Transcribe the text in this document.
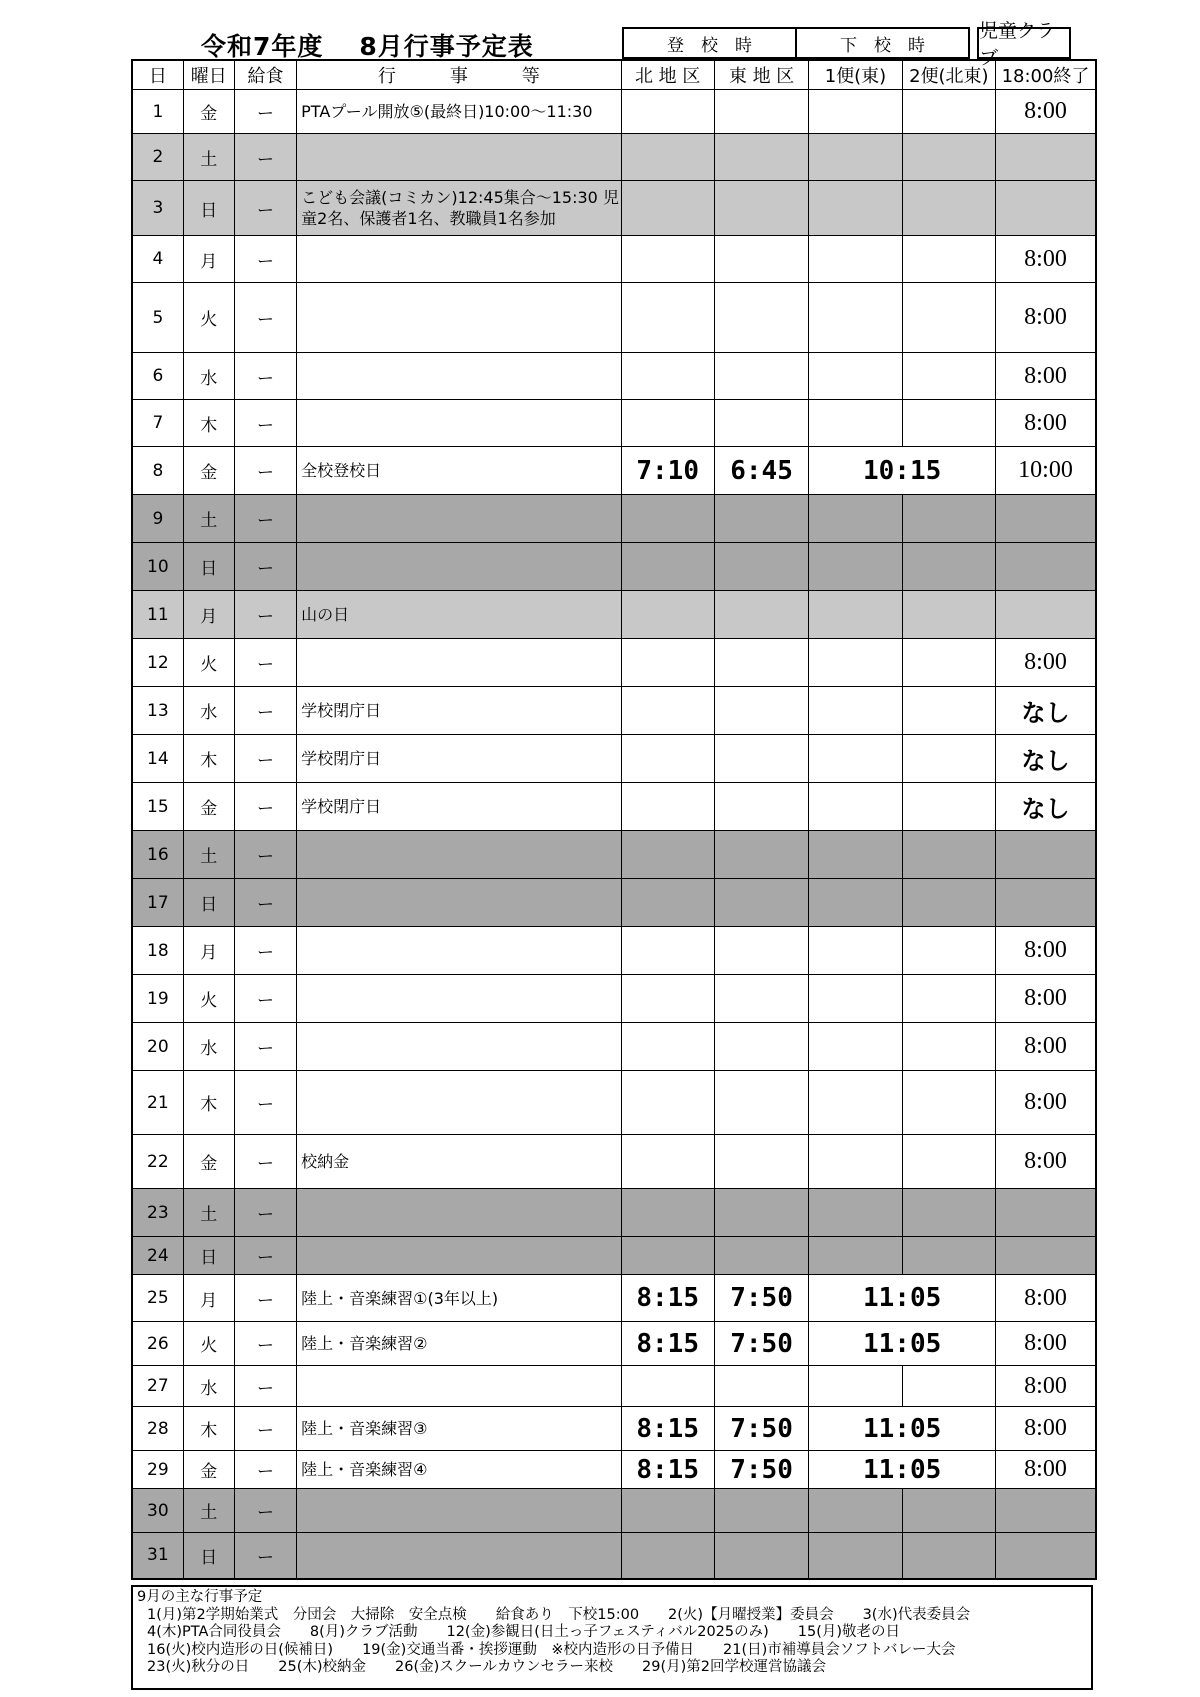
令和7年度 8月行事予定表	登　校　時	下　校　時
児童クラブ
日	曜日	給食	行　　　事　　　等	北 地 区	東 地 区	1便(東)	2便(北東)	18:00終了
1	金	ー	PTAプール開放⑤(最終日)10:00～11:30					8:00
2	土	ー						
3	日	ー	こども会議(コミカン)12:45集合～15:30 児童2名、保護者1名、教職員1名参加					
4	月	ー						8:00
5	火	ー						8:00
6	水	ー						8:00
7	木	ー						8:00
8	金	ー	全校登校日	7:10	6:45	10:15		10:00
9	土	ー						
10	日	ー						
11	月	ー	山の日					
12	火	ー						8:00
13	水	ー	学校閉庁日					なし
14	木	ー	学校閉庁日					なし
15	金	ー	学校閉庁日					なし
16	土	ー						
17	日	ー						
18	月	ー						8:00
19	火	ー						8:00
20	水	ー						8:00
21	木	ー						8:00
22	金	ー	校納金					8:00
23	土	ー						
24	日	ー						
25	月	ー	陸上・音楽練習①(3年以上)	8:15	7:50	11:05		8:00
26	火	ー	陸上・音楽練習②	8:15	7:50	11:05		8:00
27	水	ー						8:00
28	木	ー	陸上・音楽練習③	8:15	7:50	11:05		8:00
29	金	ー	陸上・音楽練習④	8:15	7:50	11:05		8:00
30	土	ー						
31	日	ー						
9月の主な行事予定
1(月)第2学期始業式　分団会　大掃除　安全点検　　給食あり　下校15:00　　2(火)【月曜授業】委員会　　3(水)代表委員会
4(木)PTA合同役員会　　8(月)クラブ活動　　12(金)参観日(日土っ子フェスティバル2025のみ)　　15(月)敬老の日
16(火)校内造形の日(候補日)　　19(金)交通当番・挨拶運動　※校内造形の日予備日　　21(日)市補導員会ソフトバレー大会
23(火)秋分の日　　25(木)校納金　　26(金)スクールカウンセラー来校　　29(月)第2回学校運営協議会
